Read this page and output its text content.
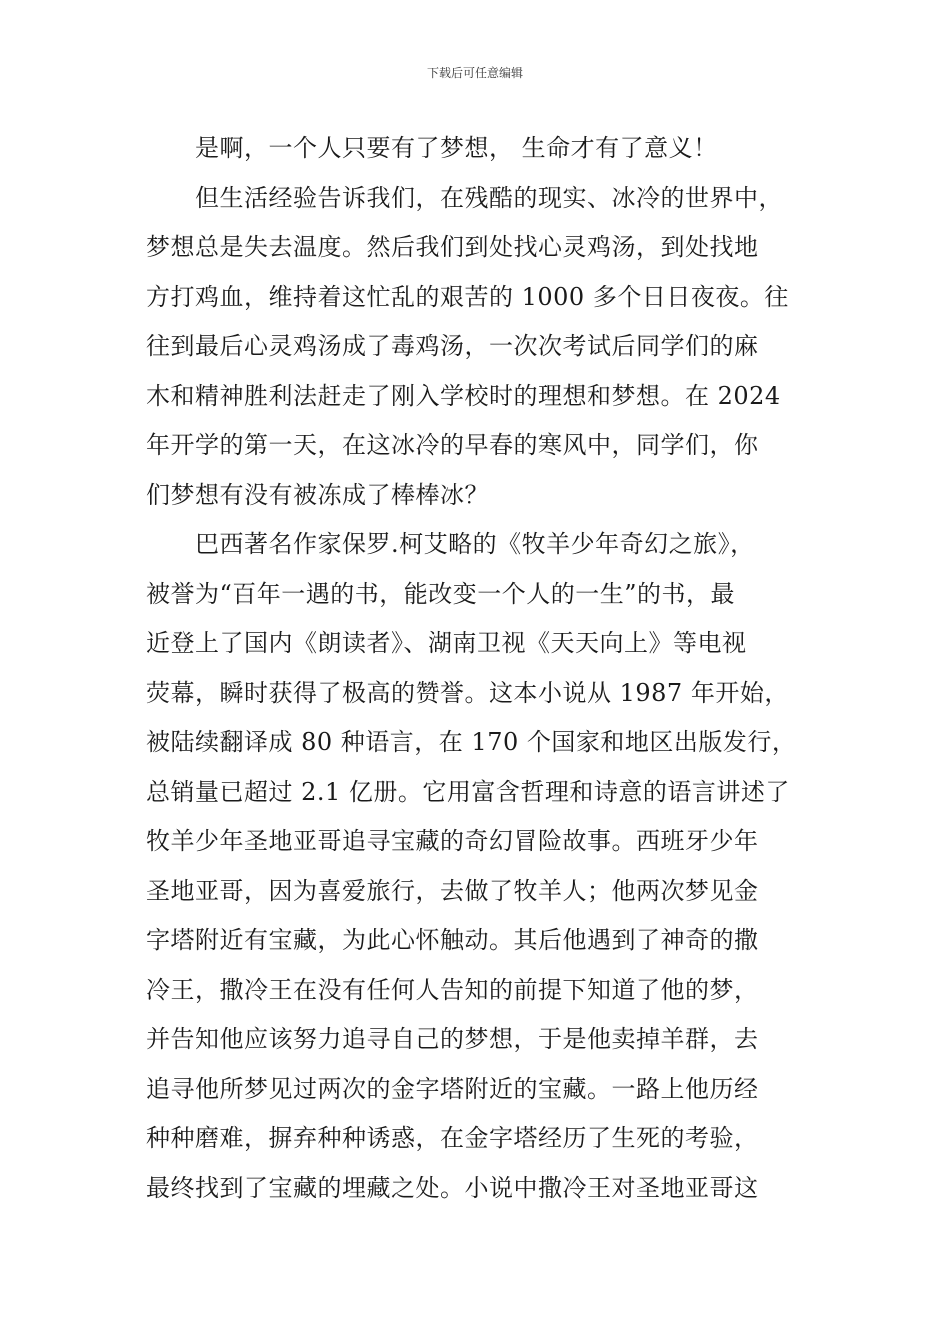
下载后可任意编辑
是啊，一个人只要有了梦想， 生命才有了意义！
但生活经验告诉我们，在残酷的现实、冰冷的世界中，
梦想总是失去温度。然后我们到处找心灵鸡汤，到处找地
方打鸡血，维持着这忙乱的艰苦的 1000 多个日日夜夜。往
往到最后心灵鸡汤成了毒鸡汤，一次次考试后同学们的麻
木和精神胜利法赶走了刚入学校时的理想和梦想。在 2024
年开学的第一天，在这冰冷的早春的寒风中，同学们，你
们梦想有没有被冻成了棒棒冰？
巴西著名作家保罗.柯艾略的《牧羊少年奇幻之旅》，
被誉为“百年一遇的书，能改变一个人的一生”的书，最
近登上了国内《朗读者》、湖南卫视《天天向上》等电视
荧幕，瞬时获得了极高的赞誉。这本小说从 1987 年开始，
被陆续翻译成 80 种语言，在 170 个国家和地区出版发行，
总销量已超过 2.1 亿册。它用富含哲理和诗意的语言讲述了
牧羊少年圣地亚哥追寻宝藏的奇幻冒险故事。西班牙少年
圣地亚哥，因为喜爱旅行，去做了牧羊人；他两次梦见金
字塔附近有宝藏，为此心怀触动。其后他遇到了神奇的撒
冷王，撒冷王在没有任何人告知的前提下知道了他的梦，
并告知他应该努力追寻自己的梦想，于是他卖掉羊群，去
追寻他所梦见过两次的金字塔附近的宝藏。一路上他历经
种种磨难，摒弃种种诱惑，在金字塔经历了生死的考验，
最终找到了宝藏的埋藏之处。小说中撒冷王对圣地亚哥这
